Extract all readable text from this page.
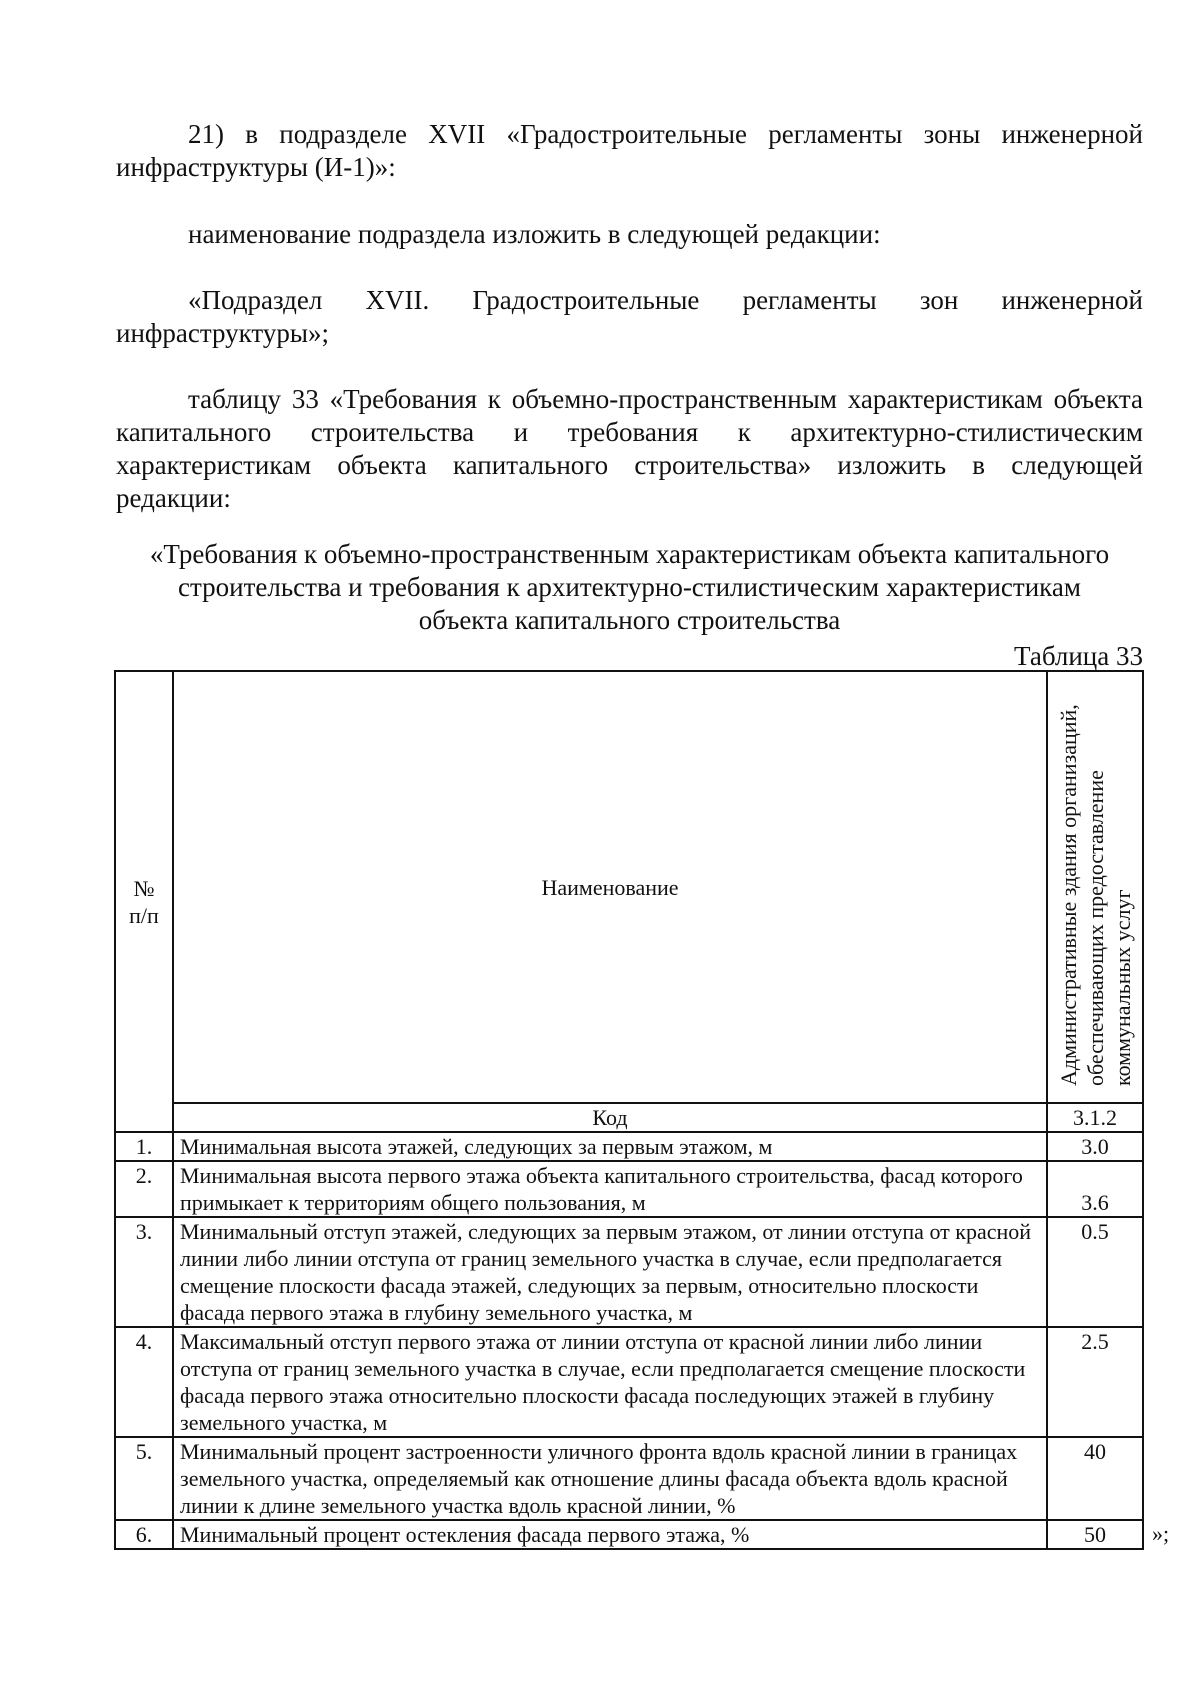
21) в подразделе XVII «Градостроительные регламенты зоны инженерной инфраструктуры (И-1)»:

наименование подраздела изложить в следующей редакции:

«Подраздел XVII. Градостроительные регламенты зон инженерной инфраструктуры»;

таблицу 33 «Требования к объемно-пространственным характеристикам объекта капитального строительства и требования к архитектурно-стилистическим характеристикам объекта капитального строительства» изложить в следующей редакции:

«Требования к объемно-пространственным характеристикам объекта капитального
строительства и требования к архитектурно-стилистическим характеристикам
объекта капитального строительства
Таблица 33
№ п/п	Наименование	Административные здания организаций, обеспечивающих предоставление коммунальных услуг

	Код	3.1.2
1.	Минимальная высота этажей, следующих за первым этажом, м	3.0
2.	Минимальная высота первого этажа объекта капитального строительства, фасад которого примыкает к территориям общего пользования, м	3.6
3.	Минимальный отступ этажей, следующих за первым этажом, от линии отступа от красной линии либо линии отступа от границ земельного участка в случае, если предполагается смещение плоскости фасада этажей, следующих за первым, относительно плоскости фасада первого этажа в глубину земельного участка, м	0.5
4.	Максимальный отступ первого этажа от линии отступа от красной линии либо линии отступа от границ земельного участка в случае, если предполагается смещение плоскости фасада первого этажа относительно плоскости фасада последующих этажей в глубину земельного участка, м	2.5
5.	Минимальный процент застроенности уличного фронта вдоль красной линии в границах земельного участка, определяемый как отношение длины фасада объекта вдоль красной линии к длине земельного участка вдоль красной линии, %	40
6.	Минимальный процент остекления фасада первого этажа, %	50 »;
